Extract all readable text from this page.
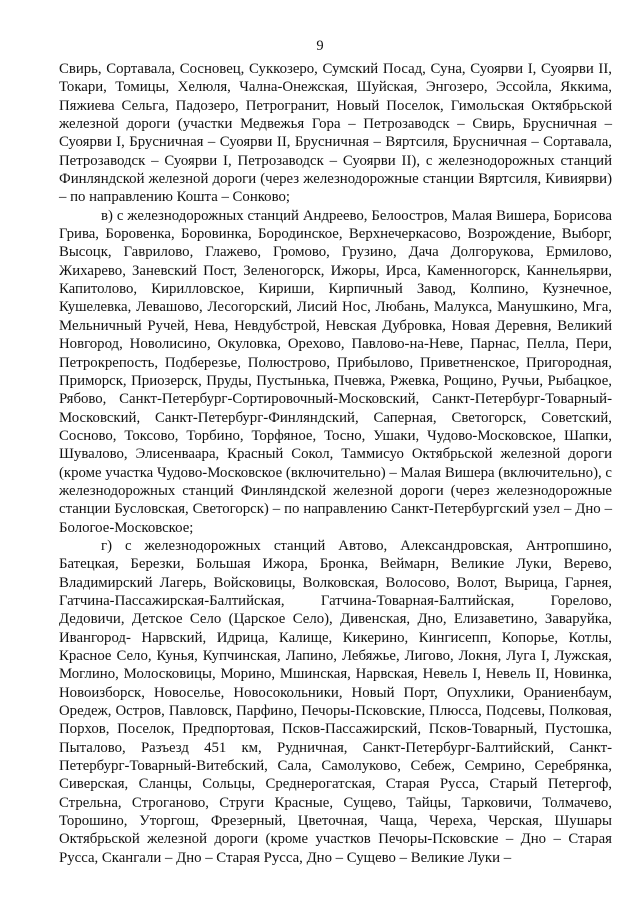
9

Свирь, Сортавала, Сосновец, Суккозеро, Сумский Посад, Суна, Суоярви I, Суоярви II, Токари, Томицы, Хелюля, Чална-Онежская, Шуйская, Энгозеро, Эссойла, Яккима, Пяжиева Сельга, Падозеро, Петрогранит, Новый Поселок, Гимольская Октябрьской железной дороги (участки Медвежья Гора – Петрозаводск – Свирь, Брусничная – Суоярви I, Брусничная – Суоярви II, Брусничная – Вяртсиля, Брусничная – Сортавала, Петрозаводск – Суоярви I, Петрозаводск – Суоярви II), с железнодорожных станций Финляндской железной дороги (через железнодорожные станции Вяртсиля, Кивиярви) – по направлению Кошта – Сонково;

в) с железнодорожных станций Андреево, Белоостров, Малая Вишера, Борисова Грива, Боровенка, Боровинка, Бородинское, Верхнечеркасово, Возрождение, Выборг, Высоцк, Гаврилово, Глажево, Громово, Грузино, Дача Долгорукова, Ермилово, Жихарево, Заневский Пост, Зеленогорск, Ижоры, Ирса, Каменногорск, Каннельярви, Капитолово, Кирилловское, Кириши, Кирпичный Завод, Колпино, Кузнечное, Кушелевка, Левашово, Лесогорский, Лисий Нос, Любань, Малукса, Манушкино, Мга, Мельничный Ручей, Нева, Невдубстрой, Невская Дубровка, Новая Деревня, Великий Новгород, Новолисино, Окуловка, Орехово, Павлово-на-Неве, Парнас, Пелла, Пери, Петрокрепость, Подберезье, Полюстрово, Прибылово, Приветненское, Пригородная, Приморск, Приозерск, Пруды, Пустынька, Пчевжа, Ржевка, Рощино, Ручьи, Рыбацкое, Рябово, Санкт-Петербург-Сортировочный-Московский, Санкт-Петербург-Товарный-Московский, Санкт-Петербург-Финляндский, Саперная, Светогорск, Советский, Сосново, Токсово, Торбино, Торфяное, Тосно, Ушаки, Чудово-Московское, Шапки, Шувалово, Элисенваара, Красный Сокол, Таммисуо Октябрьской железной дороги (кроме участка Чудово-Московское (включительно) – Малая Вишера (включительно), с железнодорожных станций Финляндской железной дороги (через железнодорожные станции Бусловская, Светогорск) – по направлению Санкт-Петербургский узел – Дно – Бологое-Московское;

г) с железнодорожных станций Автово, Александровская, Антропшино, Батецкая, Березки, Большая Ижора, Бронка, Веймарн, Великие Луки, Верево, Владимирский Лагерь, Войсковицы, Волковская, Волосово, Волот, Вырица, Гарнея, Гатчина-Пассажирская-Балтийская, Гатчина-Товарная-Балтийская, Горелово, Дедовичи, Детское Село (Царское Село), Дивенская, Дно, Елизаветино, Заваруйка, Ивангород- Нарвский, Идрица, Калище, Кикерино, Кингисепп, Копорье, Котлы, Красное Село, Кунья, Купчинская, Лапино, Лебяжье, Лигово, Локня, Луга I, Лужская, Моглино, Молосковицы, Морино, Мшинская, Нарвская, Невель I, Невель II, Новинка, Новоизборск, Новоселье, Новосокольники, Новый Порт, Опухлики, Ораниенбаум, Оредеж, Остров, Павловск, Парфино, Печоры-Псковские, Плюсса, Подсевы, Полковая, Порхов, Поселок, Предпортовая, Псков-Пассажирский, Псков-Товарный, Пустошка, Пыталово, Разъезд 451 км, Рудничная, Санкт-Петербург-Балтийский, Санкт-Петербург-Товарный-Витебский, Сала, Самолуково, Себеж, Семрино, Серебрянка, Сиверская, Сланцы, Сольцы, Среднерогатская, Старая Русса, Старый Петергоф, Стрельна, Строганово, Струги Красные, Сущево, Тайцы, Тарковичи, Толмачево, Торошино, Уторгош, Фрезерный, Цветочная, Чаща, Череха, Черская, Шушары Октябрьской железной дороги (кроме участков Печоры-Псковские – Дно – Старая Русса, Скангали – Дно – Старая Русса, Дно – Сущево – Великие Луки –
